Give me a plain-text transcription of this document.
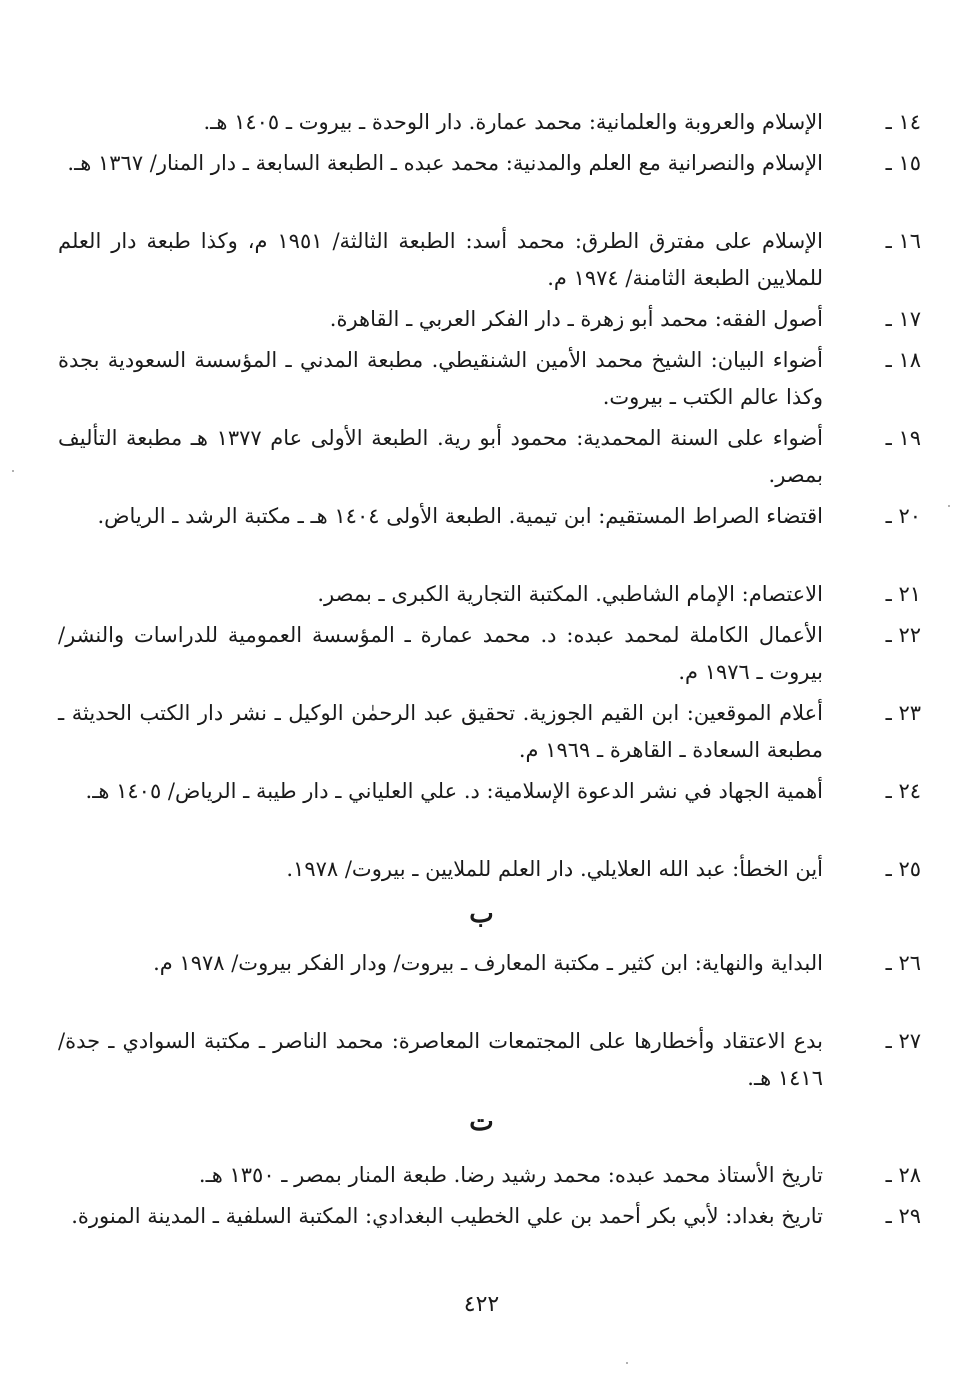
١٤ ـ
الإسلام والعروبة والعلمانية: محمد عمارة. دار الوحدة ـ بيروت ـ ١٤٠٥ هـ.
١٥ ـ
الإسلام والنصرانية مع العلم والمدنية: محمد عبده ـ الطبعة السابعة ـ دار المنار/ ١٣٦٧ هـ.
١٦ ـ
الإسلام على مفترق الطرق: محمد أسد: الطبعة الثالثة/ ١٩٥١ م، وكذا طبعة دار العلم للملايين الطبعة الثامنة/ ١٩٧٤ م.
١٧ ـ
أصول الفقه: محمد أبو زهرة ـ دار الفكر العربي ـ القاهرة.
١٨ ـ
أضواء البيان: الشيخ محمد الأمين الشنقيطي. مطبعة المدني ـ المؤسسة السعودية بجدة وكذا عالم الكتب ـ بيروت.
١٩ ـ
أضواء على السنة المحمدية: محمود أبو رية. الطبعة الأولى عام ١٣٧٧ هـ مطبعة التأليف بمصر.
٢٠ ـ
اقتضاء الصراط المستقيم: ابن تيمية. الطبعة الأولى ١٤٠٤ هـ ـ مكتبة الرشد ـ الرياض.
٢١ ـ
الاعتصام: الإمام الشاطبي. المكتبة التجارية الكبرى ـ بمصر.
٢٢ ـ
الأعمال الكاملة لمحمد عبده: د. محمد عمارة ـ المؤسسة العمومية للدراسات والنشر/ بيروت ـ ١٩٧٦ م.
٢٣ ـ
أعلام الموقعين: ابن القيم الجوزية. تحقيق عبد الرحمٰن الوكيل ـ نشر دار الكتب الحديثة ـ مطبعة السعادة ـ القاهرة ـ ١٩٦٩ م.
٢٤ ـ
أهمية الجهاد في نشر الدعوة الإسلامية: د. علي العلياني ـ دار طيبة ـ الرياض/ ١٤٠٥ هـ.
٢٥ ـ
أين الخطأ: عبد الله العلايلي. دار العلم للملايين ـ بيروت/ ١٩٧٨.
ب
٢٦ ـ
البداية والنهاية: ابن كثير ـ مكتبة المعارف ـ بيروت/ ودار الفكر بيروت/ ١٩٧٨ م.
٢٧ ـ
بدع الاعتقاد وأخطارها على المجتمعات المعاصرة: محمد الناصر ـ مكتبة السوادي ـ جدة/ ١٤١٦ هـ.
ت
٢٨ ـ
تاريخ الأستاذ محمد عبده: محمد رشيد رضا. طبعة المنار بمصر ـ ١٣٥٠ هـ.
٢٩ ـ
تاريخ بغداد: لأبي بكر أحمد بن علي الخطيب البغدادي: المكتبة السلفية ـ المدينة المنورة.
٤٢٢
